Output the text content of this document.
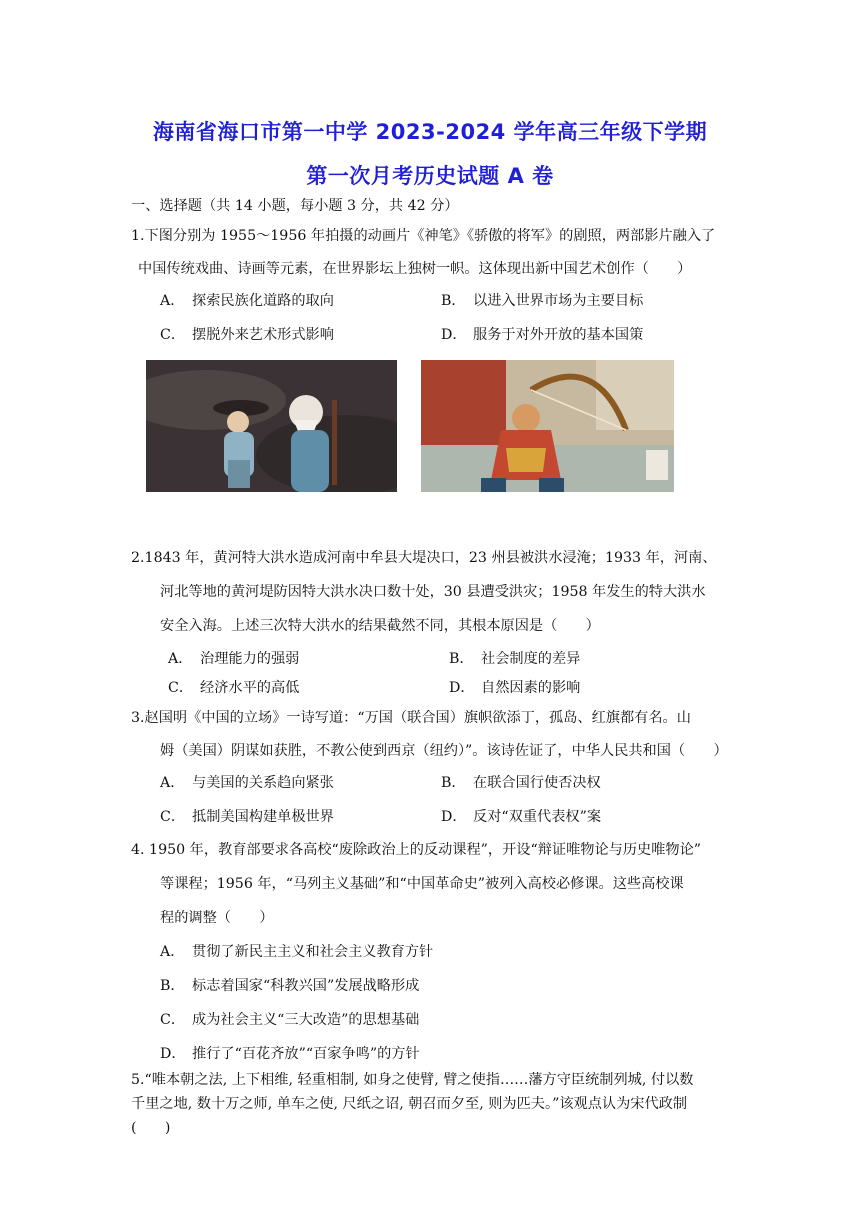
海南省海口市第一中学 2023-2024 学年高三年级下学期
第一次月考历史试题 A 卷
一、选择题（共 14 小题，每小题 3 分，共 42 分）
1.下图分别为 1955～1956 年拍摄的动画片《神笔》《骄傲的将军》的剧照，两部影片融入了
中国传统戏曲、诗画等元素，在世界影坛上独树一帜。这体现出新中国艺术创作（　　）
A． 探索民族化道路的取向	B． 以进入世界市场为主要目标
C． 摆脱外来艺术形式影响	D． 服务于对外开放的基本国策
2.1843 年，黄河特大洪水造成河南中牟县大堤决口，23 州县被洪水浸淹；1933 年，河南、
河北等地的黄河堤防因特大洪水决口数十处，30 县遭受洪灾；1958 年发生的特大洪水
安全入海。上述三次特大洪水的结果截然不同，其根本原因是（　　）
A． 治理能力的强弱	B． 社会制度的差异
C． 经济水平的高低	D． 自然因素的影响
3.赵国明《中国的立场》一诗写道：“万国（联合国）旗帜欲添丁，孤岛、红旗都有名。山
姆（美国）阴谋如获胜，不教公使到西京（纽约）”。该诗佐证了，中华人民共和国（　　）
A． 与美国的关系趋向紧张	B． 在联合国行使否决权
C． 抵制美国构建单极世界	D． 反对“双重代表权”案
4. 1950 年，教育部要求各高校“废除政治上的反动课程”，开设“辩证唯物论与历史唯物论”
等课程；1956 年，“马列主义基础”和“中国革命史”被列入高校必修课。这些高校课
程的调整（　　）
A． 贯彻了新民主主义和社会主义教育方针
B． 标志着国家“科教兴国”发展战略形成
C． 成为社会主义“三大改造”的思想基础
D． 推行了“百花齐放”“百家争鸣”的方针
5.“唯本朝之法, 上下相维, 轻重相制, 如身之使臂, 臂之使指……藩方守臣统制列城, 付以数
千里之地, 数十万之师, 单车之使, 尺纸之诏, 朝召而夕至, 则为匹夫。”该观点认为宋代政制
(　　)
